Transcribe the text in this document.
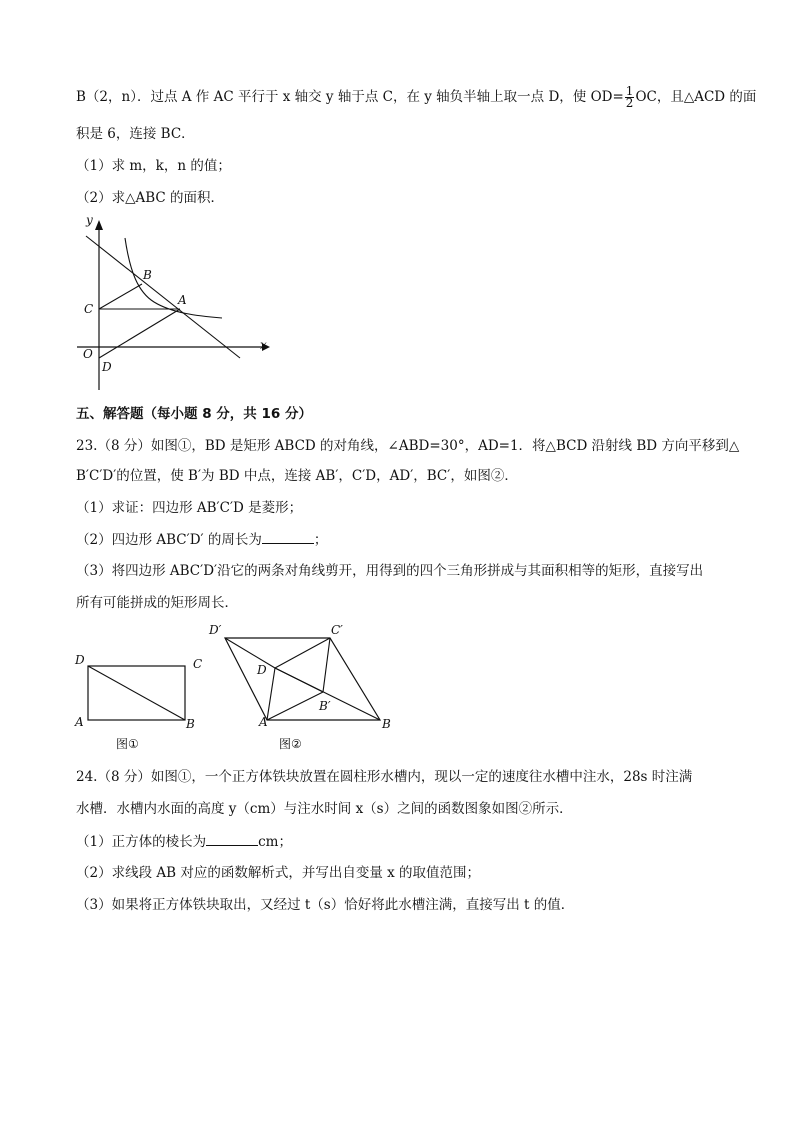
B（2，n）．过点 A 作 AC 平行于 x 轴交 y 轴于点 C，在 y 轴负半轴上取一点 D，使 $OD= \frac{1}{2}$ OC，且△ACD 的面
积是 6，连接 BC．
（1）求 m，k，n 的值；
（2）求△ABC 的面积．
y
x
O
C
B
A
D
五、解答题（每小题 8 分，共 16 分）
23.（8 分）如图①，BD 是矩形 ABCD 的对角线，∠ABD=30°，AD=1．将△BCD 沿射线 BD 方向平移到△
B′C′D′的位置，使 B′为 BD 中点，连接 AB′，C′D，AD′，BC′，如图②．
（1）求证：四边形 AB′C′D 是菱形；
（2）四边形 ABC′D′ 的周长为	；
（3）将四边形 ABC′D′沿它的两条对角线剪开，用得到的四个三角形拼成与其面积相等的矩形，直接写出
所有可能拼成的矩形周长．
D	C
A	B
图①
D′	C′
D
B′
A	B
图②
24.（8 分）如图①，一个正方体铁块放置在圆柱形水槽内，现以一定的速度往水槽中注水，28s 时注满
水槽．水槽内水面的高度 y（cm）与注水时间 x（s）之间的函数图象如图②所示．
（1）正方体的棱长为	cm；
（2）求线段 AB 对应的函数解析式，并写出自变量 x 的取值范围；
（3）如果将正方体铁块取出，又经过 t（s）恰好将此水槽注满，直接写出 t 的值．
